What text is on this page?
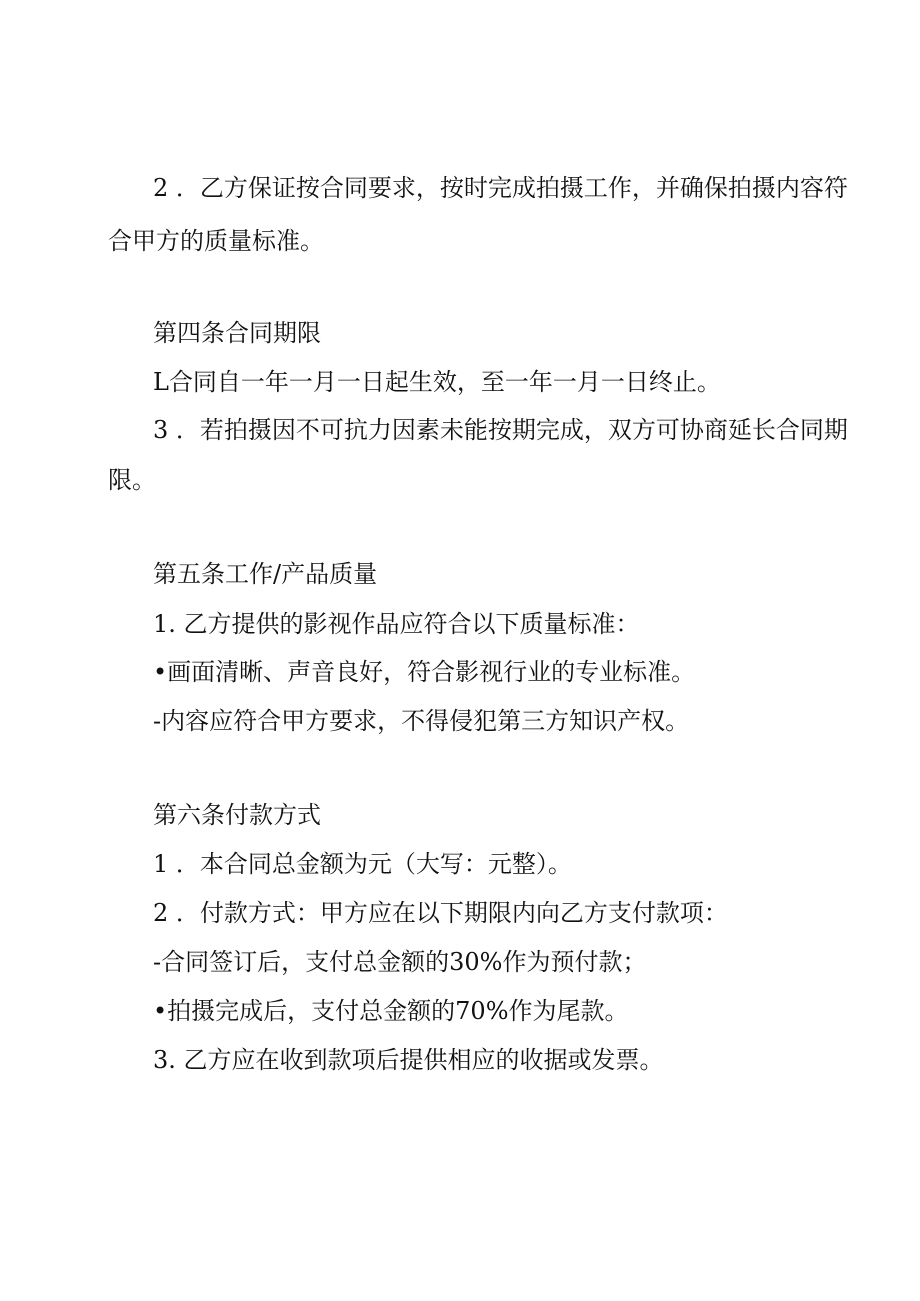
2 ．乙方保证按合同要求，按时完成拍摄工作，并确保拍摄内容符
合甲方的质量标准。
第四条合同期限
L合同自一年一月一日起生效，至一年一月一日终止。
3 ．若拍摄因不可抗力因素未能按期完成，双方可协商延长合同期
限。
第五条工作/产品质量
1. 乙方提供的影视作品应符合以下质量标准：
•画面清晰、声音良好，符合影视行业的专业标准。
-内容应符合甲方要求，不得侵犯第三方知识产权。
第六条付款方式
1 ．本合同总金额为元（大写：元整）。
2 ．付款方式：甲方应在以下期限内向乙方支付款项：
-合同签订后，支付总金额的30%作为预付款；
•拍摄完成后，支付总金额的70%作为尾款。
3. 乙方应在收到款项后提供相应的收据或发票。
